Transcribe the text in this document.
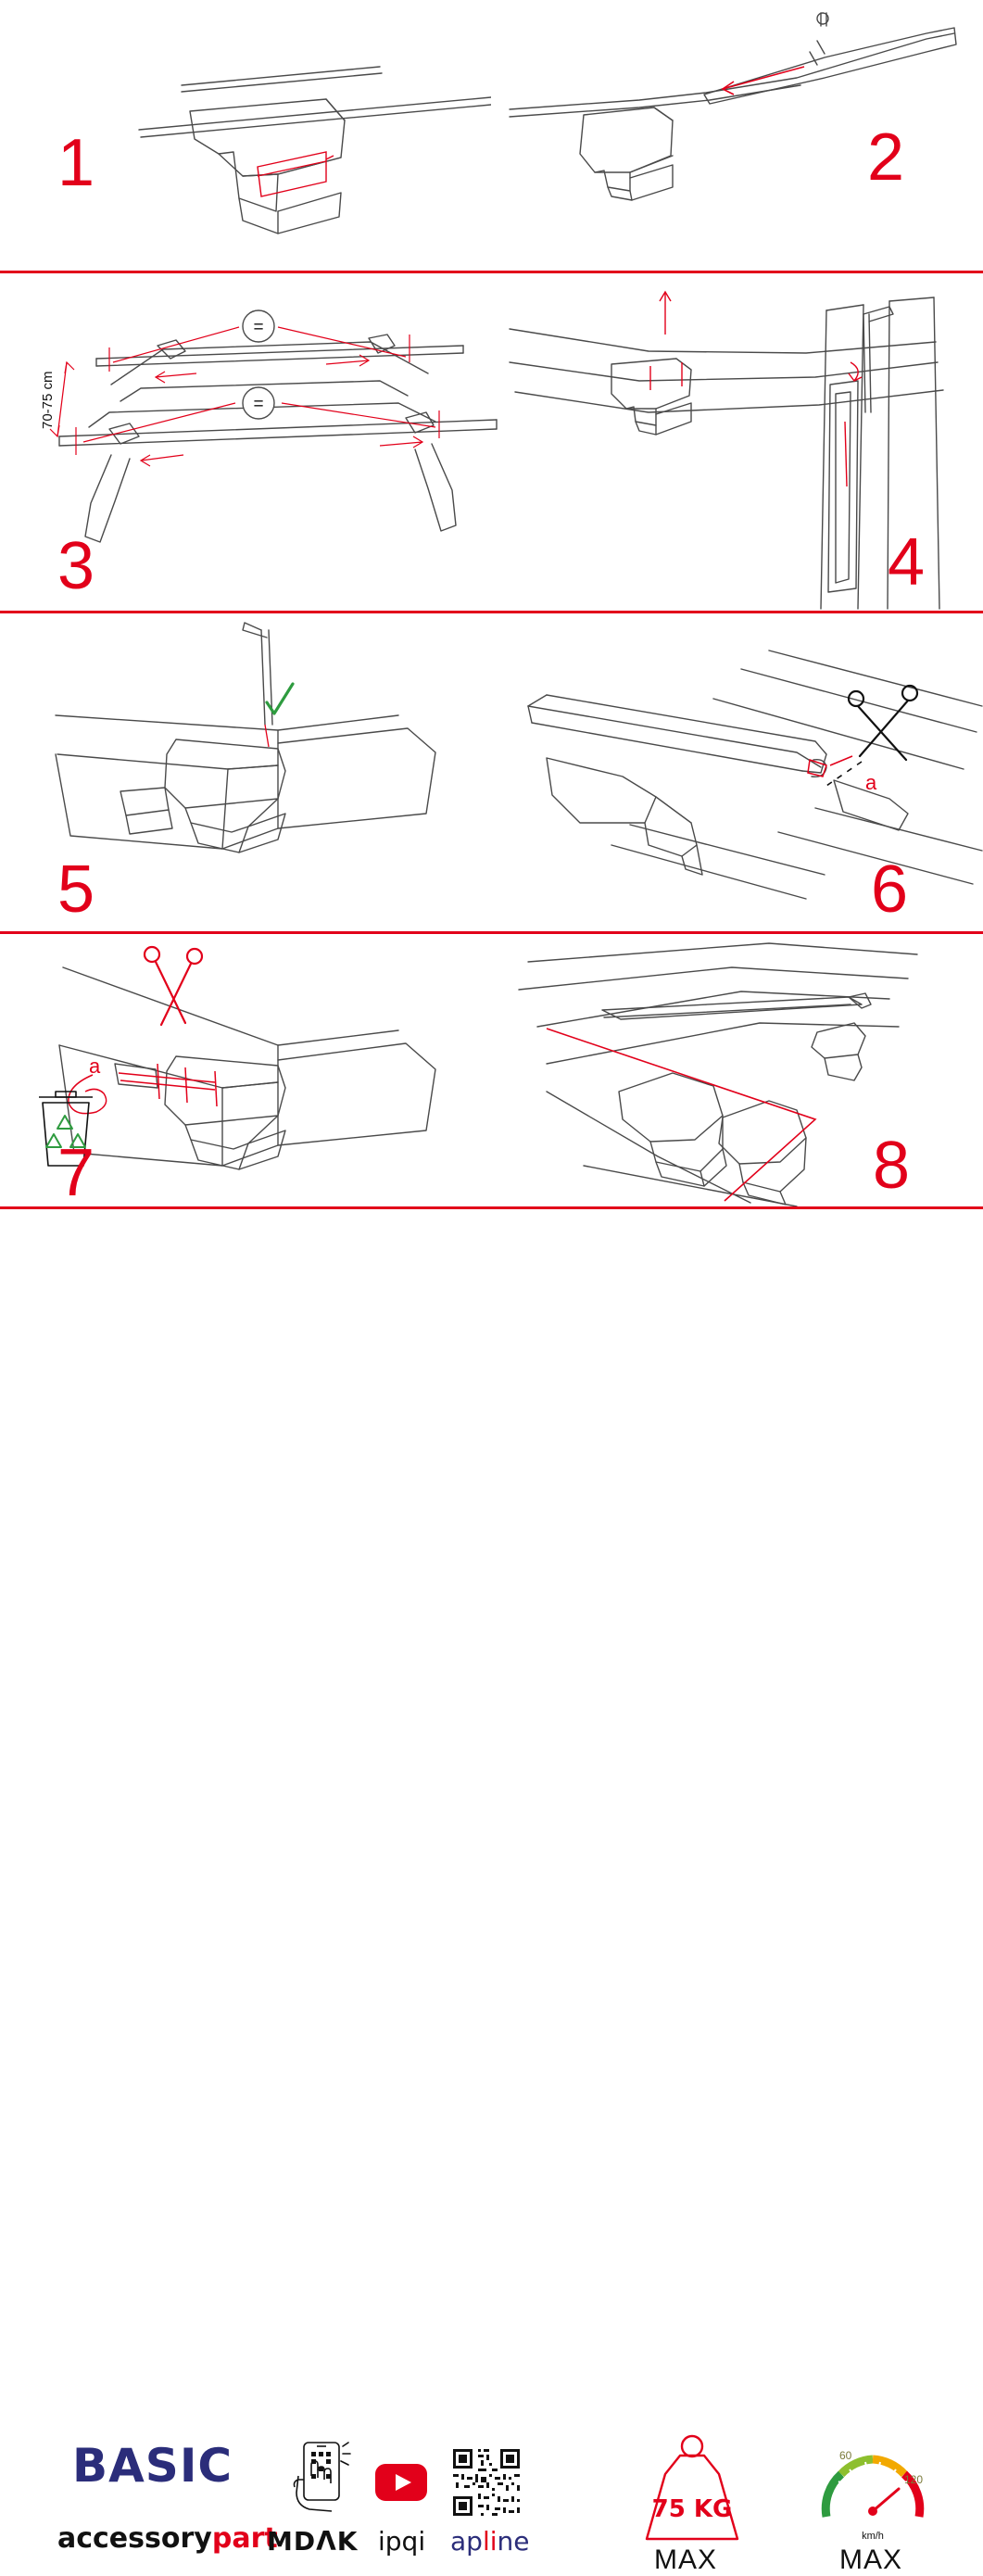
1	2
=
=
70-75 cm
3	4
5
a
6
a
7	8
BASIC
accessorypart
MDΛK ipqi apline
75 KG
MAX
60
120
km/h
MAX
